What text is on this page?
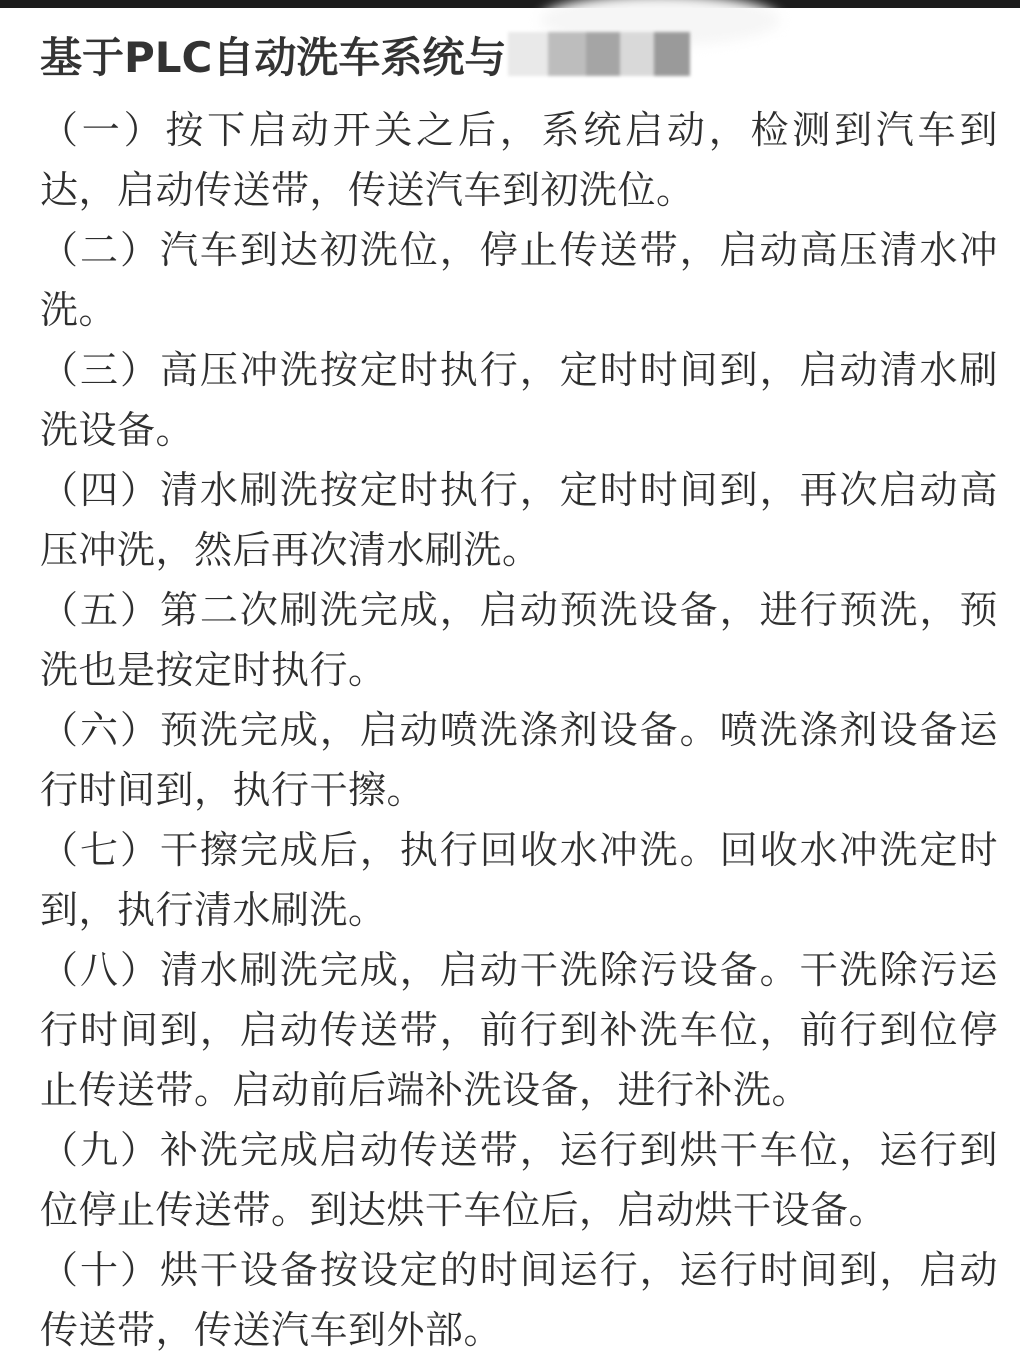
基于PLC自动洗车系统与

（一）按下启动开关之后，系统启动，检测到汽车到达，启动传送带，传送汽车到初洗位。

（二）汽车到达初洗位，停止传送带，启动高压清水冲洗。

（三）高压冲洗按定时执行，定时时间到，启动清水刷洗设备。

（四）清水刷洗按定时执行，定时时间到，再次启动高压冲洗，然后再次清水刷洗。

（五）第二次刷洗完成，启动预洗设备，进行预洗，预洗也是按定时执行。

（六）预洗完成，启动喷洗涤剂设备。喷洗涤剂设备运行时间到，执行干擦。

（七）干擦完成后，执行回收水冲洗。回收水冲洗定时到，执行清水刷洗。

（八）清水刷洗完成，启动干洗除污设备。干洗除污运行时间到，启动传送带，前行到补洗车位，前行到位停止传送带。启动前后端补洗设备，进行补洗。

（九）补洗完成启动传送带，运行到烘干车位，运行到位停止传送带。到达烘干车位后，启动烘干设备。

（十）烘干设备按设定的时间运行，运行时间到，启动传送带，传送汽车到外部。
